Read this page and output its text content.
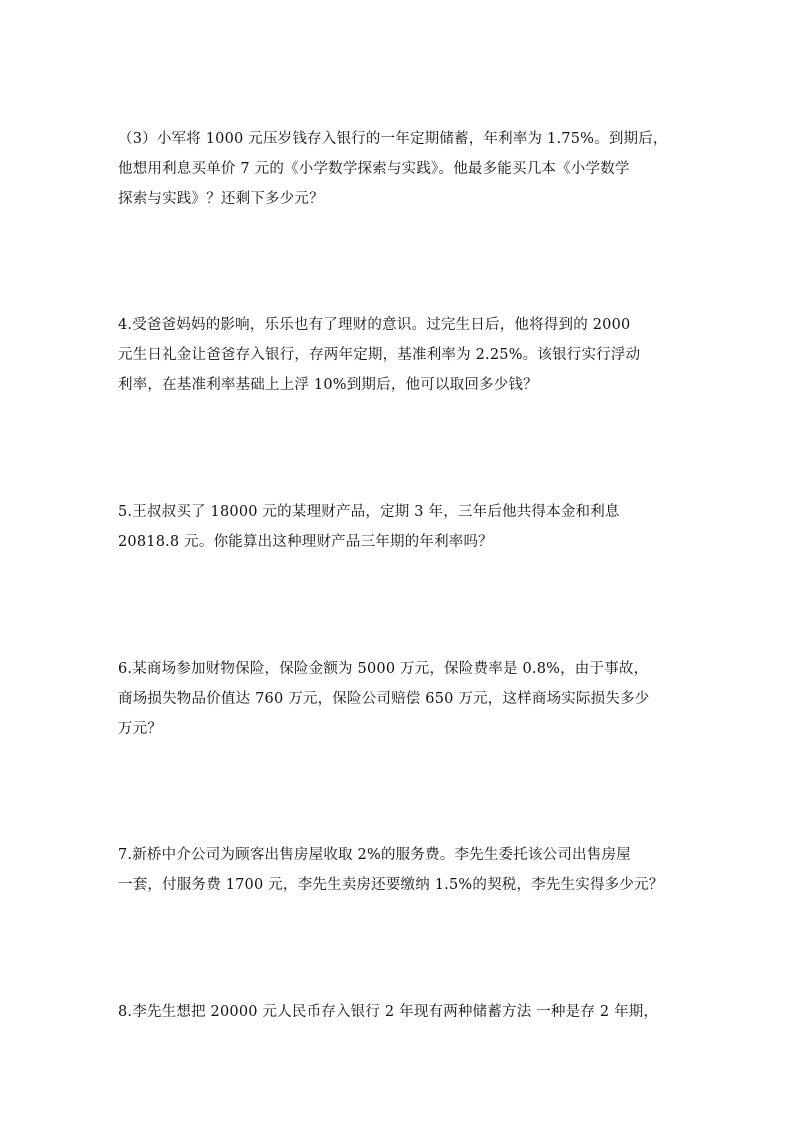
（3）小军将 1000 元压岁钱存入银行的一年定期储蓄，年利率为 1.75%。到期后，
他想用利息买单价 7 元的《小学数学探索与实践》。他最多能买几本《小学数学
探索与实践》？还剩下多少元？
4.受爸爸妈妈的影响，乐乐也有了理财的意识。过完生日后，他将得到的 2000
元生日礼金让爸爸存入银行，存两年定期，基准利率为 2.25%。该银行实行浮动
利率，在基准利率基础上上浮 10%到期后，他可以取回多少钱？
5.王叔叔买了 18000 元的某理财产品，定期 3 年，三年后他共得本金和利息
20818.8 元。你能算出这种理财产品三年期的年利率吗？
6.某商场参加财物保险，保险金额为 5000 万元，保险费率是 0.8%，由于事故，
商场损失物品价值达 760 万元，保险公司赔偿 650 万元，这样商场实际损失多少
万元？
7.新桥中介公司为顾客出售房屋收取 2%的服务费。李先生委托该公司出售房屋
一套，付服务费 1700 元，李先生卖房还要缴纳 1.5%的契税，李先生实得多少元？
8.李先生想把 20000 元人民币存入银行 2 年现有两种储蓄方法 一种是存 2 年期，
